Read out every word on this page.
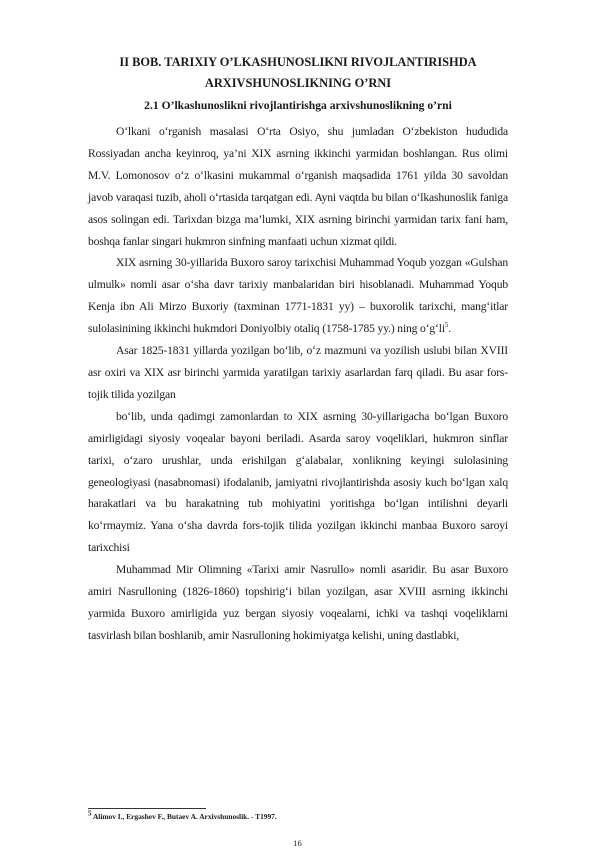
II BOB. TARIXIY O’LKASHUNOSLIKNI RIVOJLANTIRISHDA

ARXIVSHUNOSLIKNING O’RNI

2.1 O’lkashunoslikni rivojlantirishga arxivshunoslikning o’rni

O‘lkani o‘rganish masalasi O‘rta Osiyo, shu jumladan O‘zbekiston hududida Rossiyadan ancha keyinroq, ya’ni XIX asrning ikkinchi yarmidan boshlangan. Rus olimi M.V. Lomonosov o‘z o‘lkasini mukammal o‘rganish maqsadida 1761 yilda 30 savoldan javob varaqasi tuzib, aholi o‘rtasida tarqatgan edi. Ayni vaqtda bu bilan o‘lkashunoslik faniga asos solingan edi. Tarixdan bizga ma’lumki, XIX asrning birinchi yarmidan tarix fani ham, boshqa fanlar singari hukmron sinfning manfaati uchun xizmat qildi.

XIX asrning 30-yillarida Buxoro saroy tarixchisi Muhammad Yoqub yozgan «Gulshan ulmulk» nomli asar o‘sha davr tarixiy manbalaridan biri hisoblanadi. Muhammad Yoqub Kenja ibn Ali Mirzo Buxoriy (taxminan 1771-1831 yy) – buxorolik tarixchi, mang‘itlar sulolasinining ikkinchi hukmdori Doniyolbiy otaliq (1758-1785 yy.) ning $o‘g‘li^5$.

Asar 1825-1831 yillarda yozilgan bo‘lib, o‘z mazmuni va yozilish uslubi bilan XVIII asr oxiri va XIX asr birinchi yarmida yaratilgan tarixiy asarlardan farq qiladi. Bu asar fors-tojik tilida yozilgan

bo‘lib, unda qadimgi zamonlardan to XIX asrning 30-yillarigacha bo‘lgan Buxoro amirligidagi siyosiy voqealar bayoni beriladi. Asarda saroy voqeliklari, hukmron sinflar tarixi, o‘zaro urushlar, unda erishilgan g‘alabalar, xonlikning keyingi sulolasining geneologiyasi (nasabnomasi) ifodalanib, jamiyatni rivojlantirishda asosiy kuch bo‘lgan xalq harakatlari va bu harakatning tub mohiyatini yoritishga bo‘lgan intilishni deyarli ko‘rmaymiz. Yana o‘sha davrda fors-tojik tilida yozilgan ikkinchi manbaa Buxoro saroyi tarixchisi

Muhammad Mir Olimning «Tarixi amir Nasrullo» nomli asaridir. Bu asar Buxoro amiri Nasrulloning (1826-1860) topshirig‘i bilan yozilgan, asar XVIII asrning ikkinchi yarmida Buxoro amirligida yuz bergan siyosiy voqealarni, ichki va tashqi voqeliklarni tasvirlash bilan boshlanib, amir Nasrulloning hokimiyatga kelishi, uning dastlabki,

$^5$ Alimov I., Ergashev F., Butaev A. Arxivshunoslik. - T1997.
16
